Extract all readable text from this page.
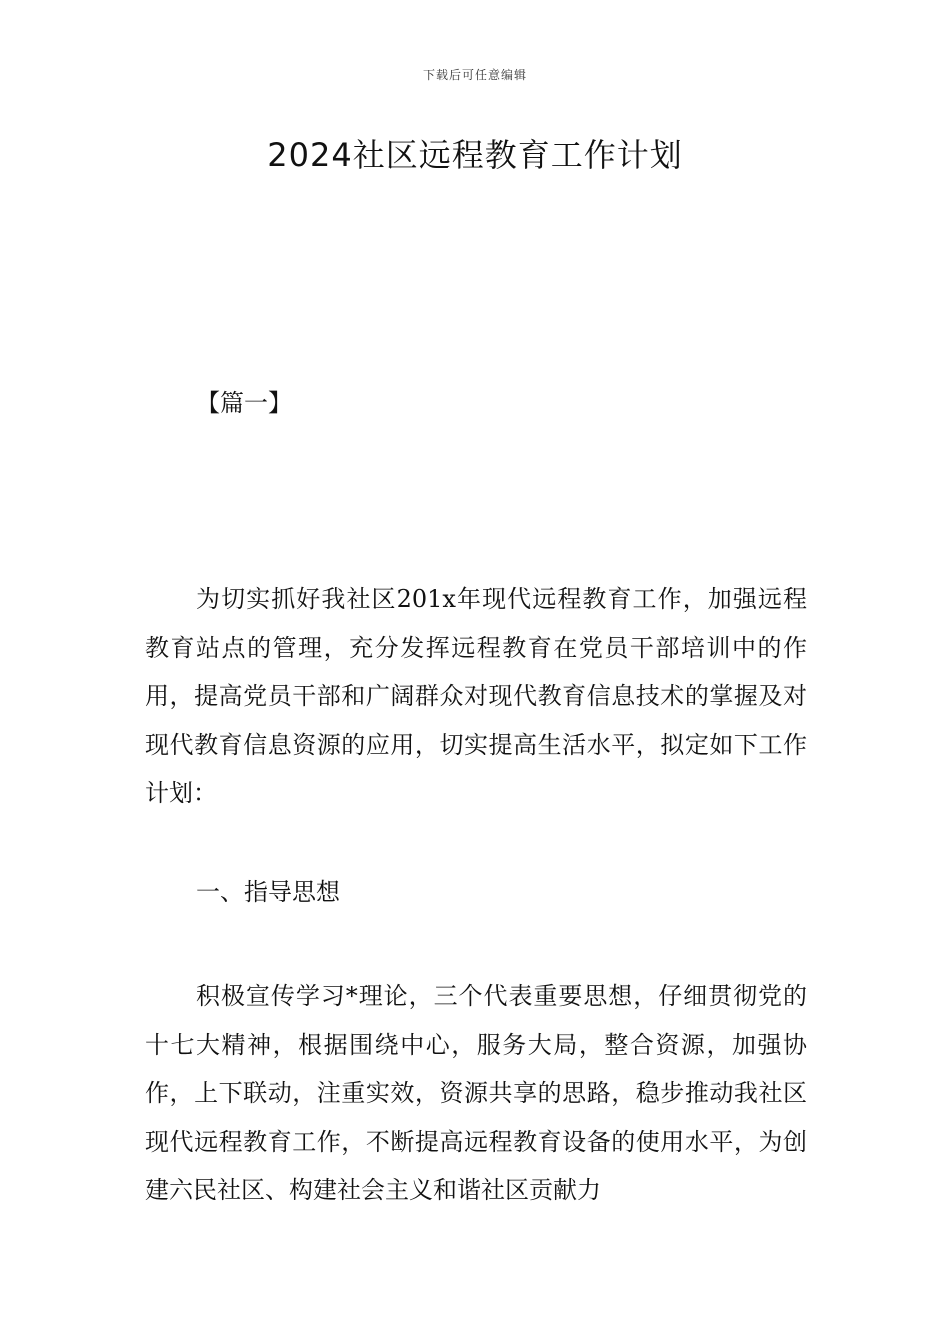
下载后可任意编辑
2024社区远程教育工作计划
【篇一】

为切实抓好我社区201x年现代远程教育工作，加强远程教育站点的管理，充分发挥远程教育在党员干部培训中的作用，提高党员干部和广阔群众对现代教育信息技术的掌握及对现代教育信息资源的应用，切实提高生活水平，拟定如下工作计划：

一、指导思想

积极宣传学习*理论，三个代表重要思想，仔细贯彻党的十七大精神，根据围绕中心，服务大局，整合资源，加强协作，上下联动，注重实效，资源共享的思路，稳步推动我社区现代远程教育工作，不断提高远程教育设备的使用水平，为创建六民社区、构建社会主义和谐社区贡献力
